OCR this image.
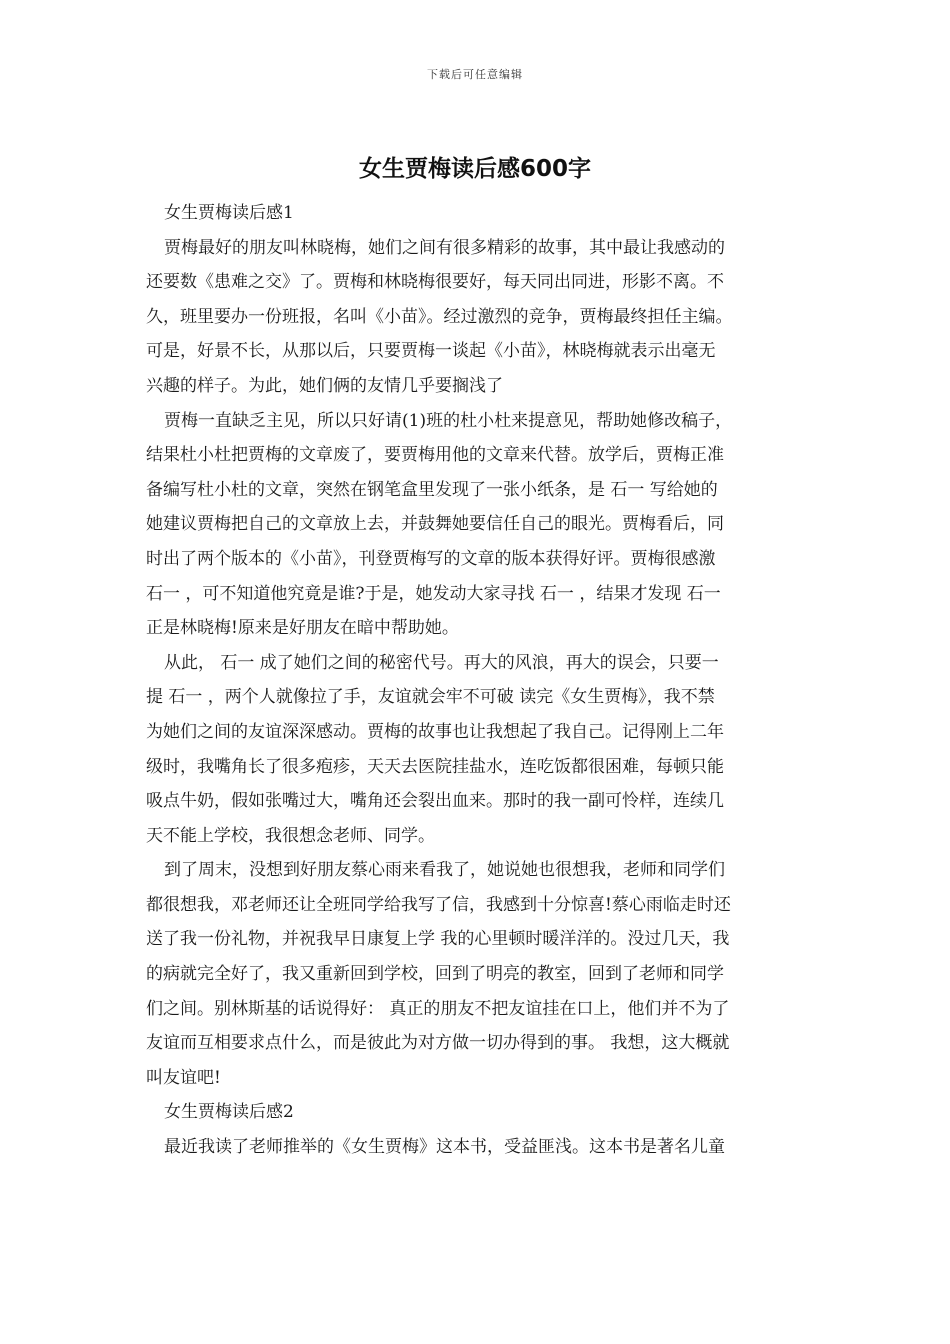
下载后可任意编辑
女生贾梅读后感600字
女生贾梅读后感1
贾梅最好的朋友叫林晓梅，她们之间有很多精彩的故事，其中最让我感动的
还要数《患难之交》了。贾梅和林晓梅很要好，每天同出同进，形影不离。不
久，班里要办一份班报，名叫《小苗》。经过激烈的竞争，贾梅最终担任主编。
可是，好景不长，从那以后，只要贾梅一谈起《小苗》，林晓梅就表示出毫无
兴趣的样子。为此，她们俩的友情几乎要搁浅了
贾梅一直缺乏主见，所以只好请(1)班的杜小杜来提意见，帮助她修改稿子，
结果杜小杜把贾梅的文章废了，要贾梅用他的文章来代替。放学后，贾梅正准
备编写杜小杜的文章，突然在钢笔盒里发现了一张小纸条，是 石一 写给她的
她建议贾梅把自己的文章放上去，并鼓舞她要信任自己的眼光。贾梅看后，同
时出了两个版本的《小苗》，刊登贾梅写的文章的版本获得好评。贾梅很感激
石一 ，可不知道他究竟是谁?于是，她发动大家寻找 石一 ，结果才发现 石一
正是林晓梅!原来是好朋友在暗中帮助她。
从此， 石一 成了她们之间的秘密代号。再大的风浪，再大的误会，只要一
提 石一 ，两个人就像拉了手，友谊就会牢不可破 读完《女生贾梅》，我不禁
为她们之间的友谊深深感动。贾梅的故事也让我想起了我自己。记得刚上二年
级时，我嘴角长了很多疱疹，天天去医院挂盐水，连吃饭都很困难，每顿只能
吸点牛奶，假如张嘴过大，嘴角还会裂出血来。那时的我一副可怜样，连续几
天不能上学校，我很想念老师、同学。
到了周末，没想到好朋友蔡心雨来看我了，她说她也很想我，老师和同学们
都很想我，邓老师还让全班同学给我写了信，我感到十分惊喜!蔡心雨临走时还
送了我一份礼物，并祝我早日康复上学 我的心里顿时暖洋洋的。没过几天，我
的病就完全好了，我又重新回到学校，回到了明亮的教室，回到了老师和同学
们之间。别林斯基的话说得好： 真正的朋友不把友谊挂在口上，他们并不为了
友谊而互相要求点什么，而是彼此为对方做一切办得到的事。 我想，这大概就
叫友谊吧!
女生贾梅读后感2
最近我读了老师推举的《女生贾梅》这本书，受益匪浅。这本书是著名儿童
